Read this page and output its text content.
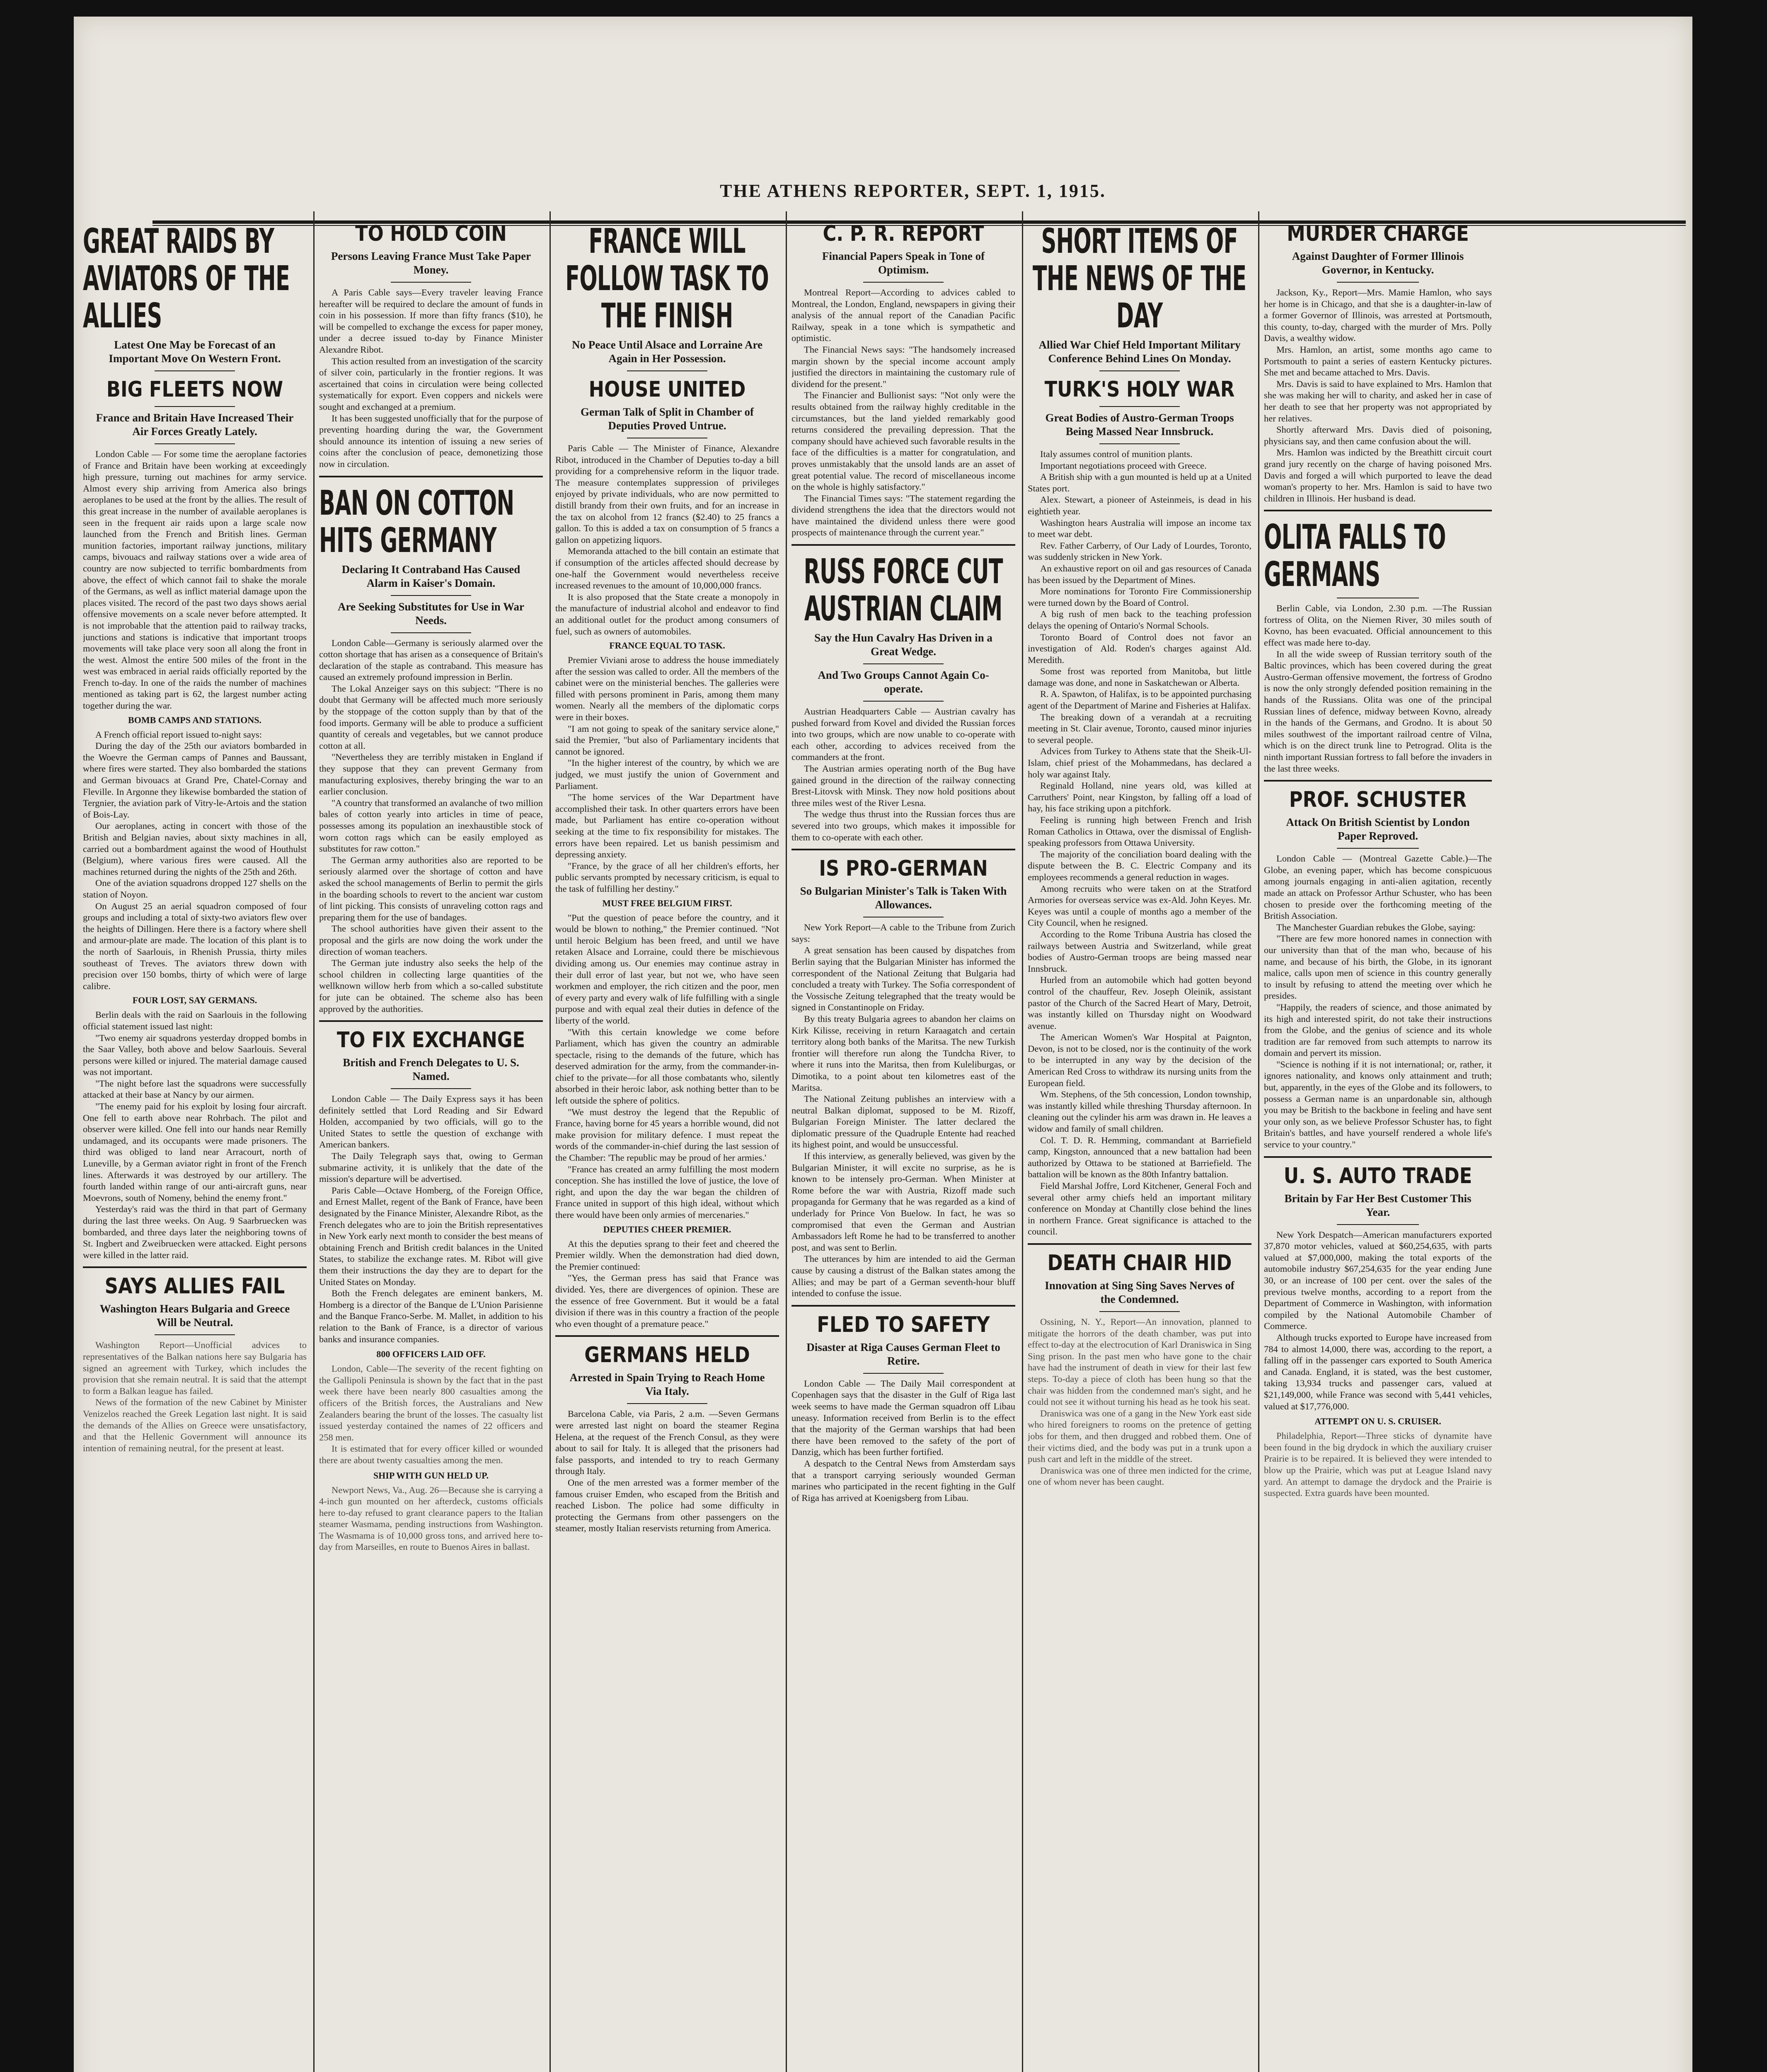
THE ATHENS REPORTER, SEPT. 1, 1915.
GREAT RAIDS BY AVIATORS OF THE ALLIES
Latest One May be Forecast of an Important Move On Western Front.
BIG FLEETS NOW
France and Britain Have Increased Their Air Forces Greatly Lately.

London Cable — For some time the aeroplane factories of France and Britain have been working at exceedingly high pressure, turning out machines for army service. Almost every ship arriving from America also brings aeroplanes to be used at the front by the allies. The result of this great increase in the number of available aeroplanes is seen in the frequent air raids upon a large scale now launched from the French and British lines. German munition factories, important railway junctions, military camps, bivouacs and railway stations over a wide area of country are now subjected to terrific bombardments from above, the effect of which cannot fail to shake the morale of the Germans, as well as inflict material damage upon the places visited. The record of the past two days shows aerial offensive movements on a scale never before attempted. It is not improbable that the attention paid to railway tracks, junctions and stations is indicative that important troops movements will take place very soon all along the front in the west. Almost the entire 500 miles of the front in the west was embraced in aerial raids officially reported by the French to-day. In one of the raids the number of machines mentioned as taking part is 62, the largest number acting together during the war.

BOMB CAMPS AND STATIONS.

A French official report issued to-night says:

During the day of the 25th our aviators bombarded in the Woevre the German camps of Pannes and Baussant, where fires were started. They also bombarded the stations and German bivouacs at Grand Pre, Chatel-Cornay and Fleville. In Argonne they likewise bombarded the station of Tergnier, the aviation park of Vitry-le-Artois and the station of Bois-Lay.

Our aeroplanes, acting in concert with those of the British and Belgian navies, about sixty machines in all, carried out a bombardment against the wood of Houthulst (Belgium), where various fires were caused. All the machines returned during the nights of the 25th and 26th.

One of the aviation squadrons dropped 127 shells on the station of Noyon.

On August 25 an aerial squadron composed of four groups and including a total of sixty-two aviators flew over the heights of Dillingen. Here there is a factory where shell and armour-plate are made. The location of this plant is to the north of Saarlouis, in Rhenish Prussia, thirty miles southeast of Treves. The aviators threw down with precision over 150 bombs, thirty of which were of large calibre.

FOUR LOST, SAY GERMANS.

Berlin deals with the raid on Saarlouis in the following official statement issued last night:

"Two enemy air squadrons yesterday dropped bombs in the Saar Valley, both above and below Saarlouis. Several persons were killed or injured. The material damage caused was not important.

"The night before last the squadrons were successfully attacked at their base at Nancy by our airmen.

"The enemy paid for his exploit by losing four aircraft. One fell to earth above near Rohrbach. The pilot and observer were killed. One fell into our hands near Remilly undamaged, and its occupants were made prisoners. The third was obliged to land near Arracourt, north of Luneville, by a German aviator right in front of the French lines. Afterwards it was destroyed by our artillery. The fourth landed within range of our anti-aircraft guns, near Moevrons, south of Nomeny, behind the enemy front."

Yesterday's raid was the third in that part of Germany during the last three weeks. On Aug. 9 Saarbruecken was bombarded, and three days later the neighboring towns of St. Ingbert and Zweibruecken were attacked. Eight persons were killed in the latter raid.

SAYS ALLIES FAIL
Washington Hears Bulgaria and Greece Will be Neutral.

Washington Report—Unofficial advices to representatives of the Balkan nations here say Bulgaria has signed an agreement with Turkey, which includes the provision that she remain neutral. It is said that the attempt to form a Balkan league has failed.

News of the formation of the new Cabinet by Minister Venizelos reached the Greek Legation last night. It is said the demands of the Allies on Greece were unsatisfactory, and that the Hellenic Government will announce its intention of remaining neutral, for the present at least.

TO HOLD COIN
Persons Leaving France Must Take Paper Money.

A Paris Cable says—Every traveler leaving France hereafter will be required to declare the amount of funds in coin in his possession. If more than fifty francs ($10), he will be compelled to exchange the excess for paper money, under a decree issued to-day by Finance Minister Alexandre Ribot.

This action resulted from an investigation of the scarcity of silver coin, particularly in the frontier regions. It was ascertained that coins in circulation were being collected systematically for export. Even coppers and nickels were sought and exchanged at a premium.

It has been suggested unofficially that for the purpose of preventing hoarding during the war, the Government should announce its intention of issuing a new series of coins after the conclusion of peace, demonetizing those now in circulation.

BAN ON COTTON HITS GERMANY
Declaring It Contraband Has Caused Alarm in Kaiser's Domain.
Are Seeking Substitutes for Use in War Needs.

London Cable—Germany is seriously alarmed over the cotton shortage that has arisen as a consequence of Britain's declaration of the staple as contraband. This measure has caused an extremely profound impression in Berlin.

The Lokal Anzeiger says on this subject: "There is no doubt that Germany will be affected much more seriously by the stoppage of the cotton supply than by that of the food imports. Germany will be able to produce a sufficient quantity of cereals and vegetables, but we cannot produce cotton at all.

"Nevertheless they are terribly mistaken in England if they suppose that they can prevent Germany from manufacturing explosives, thereby bringing the war to an earlier conclusion.

"A country that transformed an avalanche of two million bales of cotton yearly into articles in time of peace, possesses among its population an inexhaustible stock of worn cotton rags which can be easily employed as substitutes for raw cotton."

The German army authorities also are reported to be seriously alarmed over the shortage of cotton and have asked the school managements of Berlin to permit the girls in the boarding schools to revert to the ancient war custom of lint picking. This consists of unraveling cotton rags and preparing them for the use of bandages.

The school authorities have given their assent to the proposal and the girls are now doing the work under the direction of woman teachers.

The German jute industry also seeks the help of the school children in collecting large quantities of the wellknown willow herb from which a so-called substitute for jute can be obtained. The scheme also has been approved by the authorities.

TO FIX EXCHANGE
British and French Delegates to U. S. Named.

London Cable — The Daily Express says it has been definitely settled that Lord Reading and Sir Edward Holden, accompanied by two officials, will go to the United States to settle the question of exchange with American bankers.

The Daily Telegraph says that, owing to German submarine activity, it is unlikely that the date of the mission's departure will be advertised.

Paris Cable—Octave Homberg, of the Foreign Office, and Ernest Mallet, regent of the Bank of France, have been designated by the Finance Minister, Alexandre Ribot, as the French delegates who are to join the British representatives in New York early next month to consider the best means of obtaining French and British credit balances in the United States, to stabilize the exchange rates. M. Ribot will give them their instructions the day they are to depart for the United States on Monday.

Both the French delegates are eminent bankers, M. Homberg is a director of the Banque de L'Union Parisienne and the Banque Franco-Serbe. M. Mallet, in addition to his relation to the Bank of France, is a director of various banks and insurance companies.

800 OFFICERS LAID OFF.

London, Cable—The severity of the recent fighting on the Gallipoli Peninsula is shown by the fact that in the past week there have been nearly 800 casualties among the officers of the British forces, the Australians and New Zealanders bearing the brunt of the losses. The casualty list issued yesterday contained the names of 22 officers and 258 men.

It is estimated that for every officer killed or wounded there are about twenty casualties among the men.

SHIP WITH GUN HELD UP.

Newport News, Va., Aug. 26—Because she is carrying a 4-inch gun mounted on her afterdeck, customs officials here to-day refused to grant clearance papers to the Italian steamer Wasmama, pending instructions from Washington. The Wasmama is of 10,000 gross tons, and arrived here to-day from Marseilles, en route to Buenos Aires in ballast.

FRANCE WILL FOLLOW TASK TO THE FINISH
No Peace Until Alsace and Lorraine Are Again in Her Possession.
HOUSE UNITED
German Talk of Split in Chamber of Deputies Proved Untrue.

Paris Cable — The Minister of Finance, Alexandre Ribot, introduced in the Chamber of Deputies to-day a bill providing for a comprehensive reform in the liquor trade. The measure contemplates suppression of privileges enjoyed by private individuals, who are now permitted to distill brandy from their own fruits, and for an increase in the tax on alcohol from 12 francs ($2.40) to 25 francs a gallon. To this is added a tax on consumption of 5 francs a gallon on appetizing liquors.

Memoranda attached to the bill contain an estimate that if consumption of the articles affected should decrease by one-half the Government would nevertheless receive increased revenues to the amount of 10,000,000 francs.

It is also proposed that the State create a monopoly in the manufacture of industrial alcohol and endeavor to find an additional outlet for the product among consumers of fuel, such as owners of automobiles.

FRANCE EQUAL TO TASK.

Premier Viviani arose to address the house immediately after the session was called to order. All the members of the cabinet were on the ministerial benches. The galleries were filled with persons prominent in Paris, among them many women. Nearly all the members of the diplomatic corps were in their boxes.

"I am not going to speak of the sanitary service alone," said the Premier, "but also of Parliamentary incidents that cannot be ignored.

"In the higher interest of the country, by which we are judged, we must justify the union of Government and Parliament.

"The home services of the War Department have accomplished their task. In other quarters errors have been made, but Parliament has entire co-operation without seeking at the time to fix responsibility for mistakes. The errors have been repaired. Let us banish pessimism and depressing anxiety.

"France, by the grace of all her children's efforts, her public servants prompted by necessary criticism, is equal to the task of fulfilling her destiny."

MUST FREE BELGIUM FIRST.

"Put the question of peace before the country, and it would be blown to nothing," the Premier continued. "Not until heroic Belgium has been freed, and until we have retaken Alsace and Lorraine, could there be mischievous dividing among us. Our enemies may continue astray in their dull error of last year, but not we, who have seen workmen and employer, the rich citizen and the poor, men of every party and every walk of life fulfilling with a single purpose and with equal zeal their duties in defence of the liberty of the world.

"With this certain knowledge we come before Parliament, which has given the country an admirable spectacle, rising to the demands of the future, which has deserved admiration for the army, from the commander-in-chief to the private—for all those combatants who, silently absorbed in their heroic labor, ask nothing better than to be left outside the sphere of politics.

"We must destroy the legend that the Republic of France, having borne for 45 years a horrible wound, did not make provision for military defence. I must repeat the words of the commander-in-chief during the last session of the Chamber: 'The republic may be proud of her armies.'

"France has created an army fulfilling the most modern conception. She has instilled the love of justice, the love of right, and upon the day the war began the children of France united in support of this high ideal, without which there would have been only armies of mercenaries."

DEPUTIES CHEER PREMIER.

At this the deputies sprang to their feet and cheered the Premier wildly. When the demonstration had died down, the Premier continued:

"Yes, the German press has said that France was divided. Yes, there are divergences of opinion. These are the essence of free Government. But it would be a fatal division if there was in this country a fraction of the people who even thought of a premature peace."

GERMANS HELD
Arrested in Spain Trying to Reach Home Via Italy.

Barcelona Cable, via Paris, 2 a.m. —Seven Germans were arrested last night on board the steamer Regina Helena, at the request of the French Consul, as they were about to sail for Italy. It is alleged that the prisoners had false passports, and intended to try to reach Germany through Italy.

One of the men arrested was a former member of the famous cruiser Emden, who escaped from the British and reached Lisbon. The police had some difficulty in protecting the Germans from other passengers on the steamer, mostly Italian reservists returning from America.

C. P. R. REPORT
Financial Papers Speak in Tone of Optimism.

Montreal Report—According to advices cabled to Montreal, the London, England, newspapers in giving their analysis of the annual report of the Canadian Pacific Railway, speak in a tone which is sympathetic and optimistic.

The Financial News says: "The handsomely increased margin shown by the special income account amply justified the directors in maintaining the customary rule of dividend for the present."

The Financier and Bullionist says: "Not only were the results obtained from the railway highly creditable in the circumstances, but the land yielded remarkably good returns considered the prevailing depression. That the company should have achieved such favorable results in the face of the difficulties is a matter for congratulation, and proves unmistakably that the unsold lands are an asset of great potential value. The record of miscellaneous income on the whole is highly satisfactory."

The Financial Times says: "The statement regarding the dividend strengthens the idea that the directors would not have maintained the dividend unless there were good prospects of maintenance through the current year."

RUSS FORCE CUT AUSTRIAN CLAIM
Say the Hun Cavalry Has Driven in a Great Wedge.
And Two Groups Cannot Again Co-operate.

Austrian Headquarters Cable — Austrian cavalry has pushed forward from Kovel and divided the Russian forces into two groups, which are now unable to co-operate with each other, according to advices received from the commanders at the front.

The Austrian armies operating north of the Bug have gained ground in the direction of the railway connecting Brest-Litovsk with Minsk. They now hold positions about three miles west of the River Lesna.

The wedge thus thrust into the Russian forces thus are severed into two groups, which makes it impossible for them to co-operate with each other.

IS PRO-GERMAN
So Bulgarian Minister's Talk is Taken With Allowances.

New York Report—A cable to the Tribune from Zurich says:

A great sensation has been caused by dispatches from Berlin saying that the Bulgarian Minister has informed the correspondent of the National Zeitung that Bulgaria had concluded a treaty with Turkey. The Sofia correspondent of the Vossische Zeitung telegraphed that the treaty would be signed in Constantinople on Friday.

By this treaty Bulgaria agrees to abandon her claims on Kirk Kilisse, receiving in return Karaagatch and certain territory along both banks of the Maritsa. The new Turkish frontier will therefore run along the Tundcha River, to where it runs into the Maritsa, then from Kuleliburgas, or Dimotika, to a point about ten kilometres east of the Maritsa.

The National Zeitung publishes an interview with a neutral Balkan diplomat, supposed to be M. Rizoff, Bulgarian Foreign Minister. The latter declared the diplomatic pressure of the Quadruple Entente had reached its highest point, and would be unsuccessful.

If this interview, as generally believed, was given by the Bulgarian Minister, it will excite no surprise, as he is known to be intensely pro-German. When Minister at Rome before the war with Austria, Rizoff made such propaganda for Germany that he was regarded as a kind of underlady for Prince Von Buelow. In fact, he was so compromised that even the German and Austrian Ambassadors left Rome he had to be transferred to another post, and was sent to Berlin.

The utterances by him are intended to aid the German cause by causing a distrust of the Balkan states among the Allies; and may be part of a German seventh-hour bluff intended to confuse the issue.

FLED TO SAFETY
Disaster at Riga Causes German Fleet to Retire.

London Cable — The Daily Mail correspondent at Copenhagen says that the disaster in the Gulf of Riga last week seems to have made the German squadron off Libau uneasy. Information received from Berlin is to the effect that the majority of the German warships that had been there have been removed to the safety of the port of Danzig, which has been further fortified.

A despatch to the Central News from Amsterdam says that a transport carrying seriously wounded German marines who participated in the recent fighting in the Gulf of Riga has arrived at Koenigsberg from Libau.

SHORT ITEMS OF THE NEWS OF THE DAY
Allied War Chief Held Important Military Conference Behind Lines On Monday.
TURK'S HOLY WAR
Great Bodies of Austro-German Troops Being Massed Near Innsbruck.

Italy assumes control of munition plants.

Important negotiations proceed with Greece.

A British ship with a gun mounted is held up at a United States port.

Alex. Stewart, a pioneer of Asteinmeis, is dead in his eightieth year.

Washington hears Australia will impose an income tax to meet war debt.

Rev. Father Carberry, of Our Lady of Lourdes, Toronto, was suddenly stricken in New York.

An exhaustive report on oil and gas resources of Canada has been issued by the Department of Mines.

More nominations for Toronto Fire Commissionership were turned down by the Board of Control.

A big rush of men back to the teaching profession delays the opening of Ontario's Normal Schools.

Toronto Board of Control does not favor an investigation of Ald. Roden's charges against Ald. Meredith.

Some frost was reported from Manitoba, but little damage was done, and none in Saskatchewan or Alberta.

R. A. Spawton, of Halifax, is to be appointed purchasing agent of the Department of Marine and Fisheries at Halifax.

The breaking down of a verandah at a recruiting meeting in St. Clair avenue, Toronto, caused minor injuries to several people.

Advices from Turkey to Athens state that the Sheik-Ul-Islam, chief priest of the Mohammedans, has declared a holy war against Italy.

Reginald Holland, nine years old, was killed at Carruthers' Point, near Kingston, by falling off a load of hay, his face striking upon a pitchfork.

Feeling is running high between French and Irish Roman Catholics in Ottawa, over the dismissal of English-speaking professors from Ottawa University.

The majority of the conciliation board dealing with the dispute between the B. C. Electric Company and its employees recommends a general reduction in wages.

Among recruits who were taken on at the Stratford Armories for overseas service was ex-Ald. John Keyes. Mr. Keyes was until a couple of months ago a member of the City Council, when he resigned.

According to the Rome Tribuna Austria has closed the railways between Austria and Switzerland, while great bodies of Austro-German troops are being massed near Innsbruck.

Hurled from an automobile which had gotten beyond control of the chauffeur, Rev. Joseph Oleinik, assistant pastor of the Church of the Sacred Heart of Mary, Detroit, was instantly killed on Thursday night on Woodward avenue.

The American Women's War Hospital at Paignton, Devon, is not to be closed, nor is the continuity of the work to be interrupted in any way by the decision of the American Red Cross to withdraw its nursing units from the European field.

Wm. Stephens, of the 5th concession, London township, was instantly killed while threshing Thursday afternoon. In cleaning out the cylinder his arm was drawn in. He leaves a widow and family of small children.

Col. T. D. R. Hemming, commandant at Barriefield camp, Kingston, announced that a new battalion had been authorized by Ottawa to be stationed at Barriefield. The battalion will be known as the 80th Infantry battalion.

Field Marshal Joffre, Lord Kitchener, General Foch and several other army chiefs held an important military conference on Monday at Chantilly close behind the lines in northern France. Great significance is attached to the council.

DEATH CHAIR HID
Innovation at Sing Sing Saves Nerves of the Condemned.

Ossining, N. Y., Report—An innovation, planned to mitigate the horrors of the death chamber, was put into effect to-day at the electrocution of Karl Draniswica in Sing Sing prison. In the past men who have gone to the chair have had the instrument of death in view for their last few steps. To-day a piece of cloth has been hung so that the chair was hidden from the condemned man's sight, and he could not see it without turning his head as he took his seat.

Draniswica was one of a gang in the New York east side who hired foreigners to rooms on the pretence of getting jobs for them, and then drugged and robbed them. One of their victims died, and the body was put in a trunk upon a push cart and left in the middle of the street.

Draniswica was one of three men indicted for the crime, one of whom never has been caught.

MURDER CHARGE
Against Daughter of Former Illinois Governor, in Kentucky.

Jackson, Ky., Report—Mrs. Mamie Hamlon, who says her home is in Chicago, and that she is a daughter-in-law of a former Governor of Illinois, was arrested at Portsmouth, this county, to-day, charged with the murder of Mrs. Polly Davis, a wealthy widow.

Mrs. Hamlon, an artist, some months ago came to Portsmouth to paint a series of eastern Kentucky pictures. She met and became attached to Mrs. Davis.

Mrs. Davis is said to have explained to Mrs. Hamlon that she was making her will to charity, and asked her in case of her death to see that her property was not appropriated by her relatives.

Shortly afterward Mrs. Davis died of poisoning, physicians say, and then came confusion about the will.

Mrs. Hamlon was indicted by the Breathitt circuit court grand jury recently on the charge of having poisoned Mrs. Davis and forged a will which purported to leave the dead woman's property to her. Mrs. Hamlon is said to have two children in Illinois. Her husband is dead.

OLITA FALLS TO GERMANS

Berlin Cable, via London, 2.30 p.m. —The Russian fortress of Olita, on the Niemen River, 30 miles south of Kovno, has been evacuated. Official announcement to this effect was made here to-day.

In all the wide sweep of Russian territory south of the Baltic provinces, which has been covered during the great Austro-German offensive movement, the fortress of Grodno is now the only strongly defended position remaining in the hands of the Russians. Olita was one of the principal Russian lines of defence, midway between Kovno, already in the hands of the Germans, and Grodno. It is about 50 miles southwest of the important railroad centre of Vilna, which is on the direct trunk line to Petrograd. Olita is the ninth important Russian fortress to fall before the invaders in the last three weeks.

PROF. SCHUSTER
Attack On British Scientist by London Paper Reproved.

London Cable — (Montreal Gazette Cable.)—The Globe, an evening paper, which has become conspicuous among journals engaging in anti-alien agitation, recently made an attack on Professor Arthur Schuster, who has been chosen to preside over the forthcoming meeting of the British Association.

The Manchester Guardian rebukes the Globe, saying:

"There are few more honored names in connection with our university than that of the man who, because of his name, and because of his birth, the Globe, in its ignorant malice, calls upon men of science in this country generally to insult by refusing to attend the meeting over which he presides.

"Happily, the readers of science, and those animated by its high and interested spirit, do not take their instructions from the Globe, and the genius of science and its whole tradition are far removed from such attempts to narrow its domain and pervert its mission.

"Science is nothing if it is not international; or, rather, it ignores nationality, and knows only attainment and truth; but, apparently, in the eyes of the Globe and its followers, to possess a German name is an unpardonable sin, although you may be British to the backbone in feeling and have sent your only son, as we believe Professor Schuster has, to fight Britain's battles, and have yourself rendered a whole life's service to your country."

U. S. AUTO TRADE
Britain by Far Her Best Customer This Year.

New York Despatch—American manufacturers exported 37,870 motor vehicles, valued at $60,254,635, with parts valued at $7,000,000, making the total exports of the automobile industry $67,254,635 for the year ending June 30, or an increase of 100 per cent. over the sales of the previous twelve months, according to a report from the Department of Commerce in Washington, with information compiled by the National Automobile Chamber of Commerce.

Although trucks exported to Europe have increased from 784 to almost 14,000, there was, according to the report, a falling off in the passenger cars exported to South America and Canada. England, it is stated, was the best customer, taking 13,934 trucks and passenger cars, valued at $21,149,000, while France was second with 5,441 vehicles, valued at $17,776,000.

ATTEMPT ON U. S. CRUISER.

Philadelphia, Report—Three sticks of dynamite have been found in the big drydock in which the auxiliary cruiser Prairie is to be repaired. It is believed they were intended to blow up the Prairie, which was put at League Island navy yard. An attempt to damage the drydock and the Prairie is suspected. Extra guards have been mounted.
